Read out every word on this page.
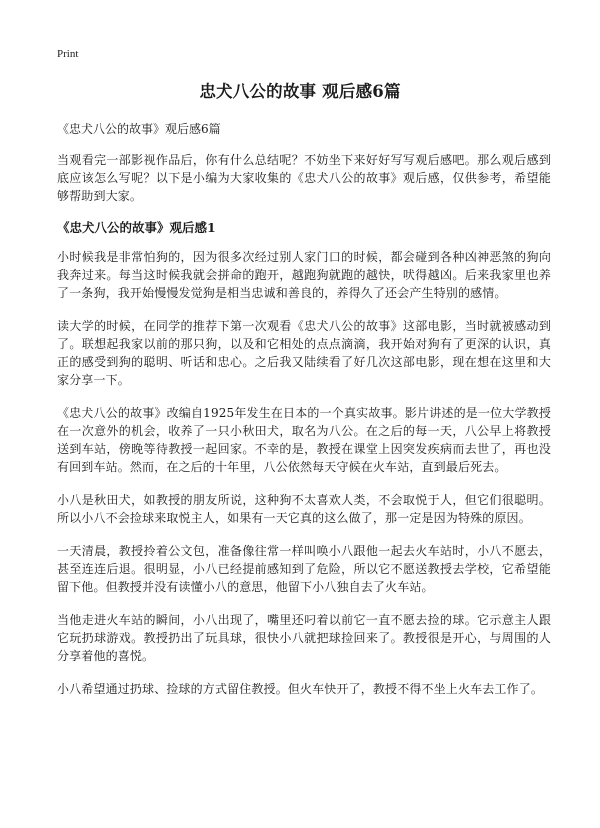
Print
忠犬八公的故事 观后感6篇

《忠犬八公的故事》观后感6篇

当观看完一部影视作品后，你有什么总结呢？不妨坐下来好好写写观后感吧。那么观后感到底应该怎么写呢？以下是小编为大家收集的《忠犬八公的故事》观后感，仅供参考，希望能够帮助到大家。

《忠犬八公的故事》观后感1

小时候我是非常怕狗的，因为很多次经过别人家门口的时候，都会碰到各种凶神恶煞的狗向我奔过来。每当这时候我就会拼命的跑开，越跑狗就跑的越快，吠得越凶。后来我家里也养了一条狗，我开始慢慢发觉狗是相当忠诚和善良的，养得久了还会产生特别的感情。

读大学的时候，在同学的推荐下第一次观看《忠犬八公的故事》这部电影，当时就被感动到了。联想起我家以前的那只狗，以及和它相处的点点滴滴，我开始对狗有了更深的认识，真正的感受到狗的聪明、听话和忠心。之后我又陆续看了好几次这部电影，现在想在这里和大家分享一下。

《忠犬八公的故事》改编自1925年发生在日本的一个真实故事。影片讲述的是一位大学教授在一次意外的机会，收养了一只小秋田犬，取名为八公。在之后的每一天，八公早上将教授送到车站，傍晚等待教授一起回家。不幸的是，教授在课堂上因突发疾病而去世了，再也没有回到车站。然而，在之后的十年里，八公依然每天守候在火车站，直到最后死去。

小八是秋田犬，如教授的朋友所说，这种狗不太喜欢人类，不会取悦于人，但它们很聪明。所以小八不会捡球来取悦主人，如果有一天它真的这么做了，那一定是因为特殊的原因。

一天清晨，教授拎着公文包，准备像往常一样叫唤小八跟他一起去火车站时，小八不愿去，甚至连连后退。很明显，小八已经提前感知到了危险，所以它不愿送教授去学校，它希望能留下他。但教授并没有读懂小八的意思，他留下小八独自去了火车站。

当他走进火车站的瞬间，小八出现了，嘴里还叼着以前它一直不愿去捡的球。它示意主人跟它玩扔球游戏。教授扔出了玩具球，很快小八就把球捡回来了。教授很是开心，与周围的人分享着他的喜悦。

小八希望通过扔球、捡球的方式留住教授。但火车快开了，教授不得不坐上火车去工作了。
